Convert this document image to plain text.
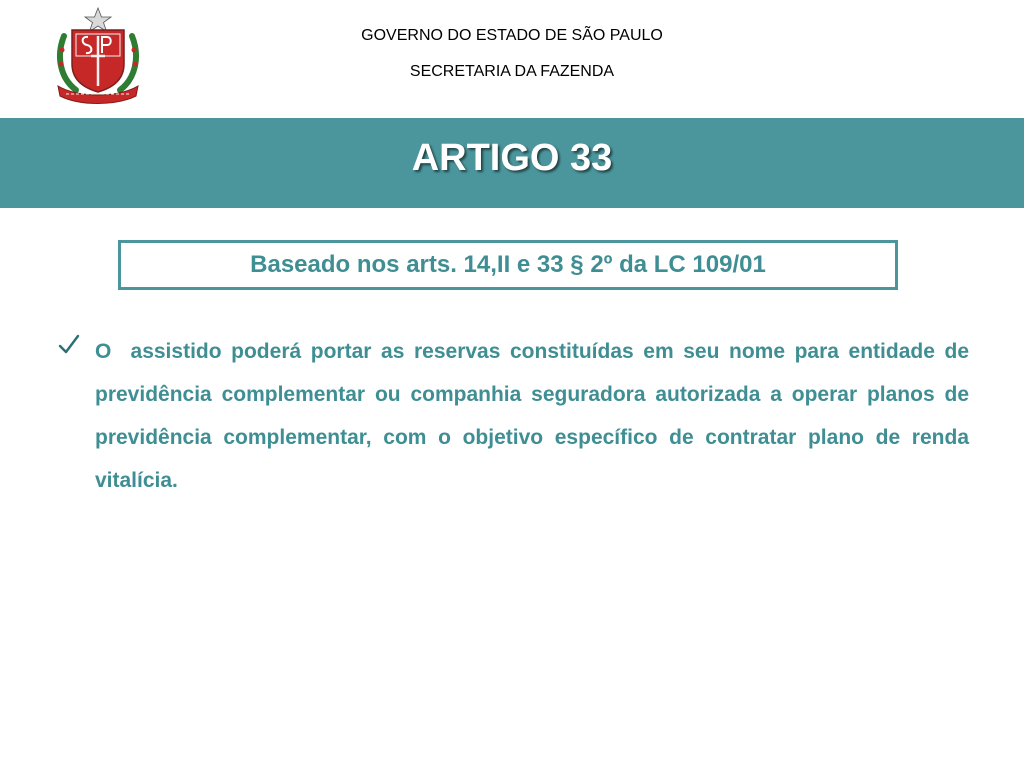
GOVERNO DO ESTADO DE SÃO PAULO
SECRETARIA DA FAZENDA
ARTIGO 33
Baseado nos arts. 14,II e 33 § 2º da LC 109/01

O  assistido poderá portar as reservas constituídas em seu nome para entidade de previdência complementar ou companhia seguradora autorizada a operar planos de previdência complementar, com o objetivo específico de contratar plano de renda vitalícia.
